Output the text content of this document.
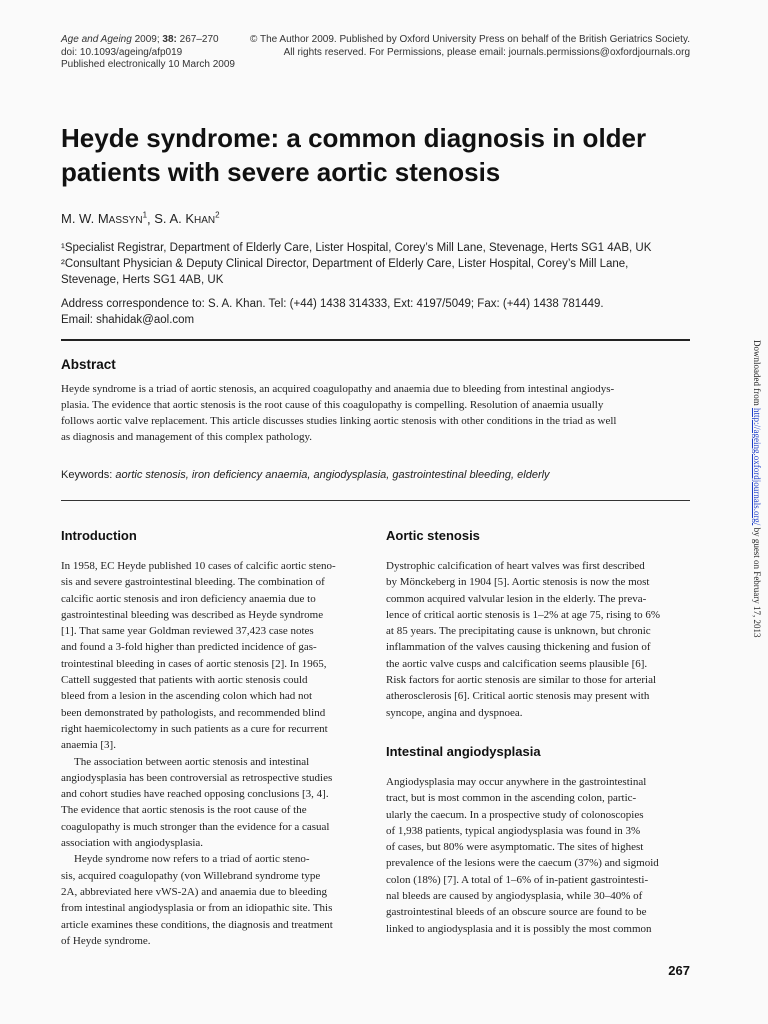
Age and Ageing 2009; 38: 267–270
doi: 10.1093/ageing/afp019
Published electronically 10 March 2009
© The Author 2009. Published by Oxford University Press on behalf of the British Geriatrics Society.
All rights reserved. For Permissions, please email: journals.permissions@oxfordjournals.org
Heyde syndrome: a common diagnosis in older patients with severe aortic stenosis
M. W. MASSYN$^1$, S. A. KHAN$^2$
¹Specialist Registrar, Department of Elderly Care, Lister Hospital, Corey’s Mill Lane, Stevenage, Herts SG1 4AB, UK
²Consultant Physician & Deputy Clinical Director, Department of Elderly Care, Lister Hospital, Corey’s Mill Lane,
Stevenage, Herts SG1 4AB, UK
Address correspondence to: S. A. Khan. Tel: (+44) 1438 314333, Ext: 4197/5049; Fax: (+44) 1438 781449.
Email: shahidak@aol.com
Abstract
Heyde syndrome is a triad of aortic stenosis, an acquired coagulopathy and anaemia due to bleeding from intestinal angiodys-
plasia. The evidence that aortic stenosis is the root cause of this coagulopathy is compelling. Resolution of anaemia usually
follows aortic valve replacement. This article discusses studies linking aortic stenosis with other conditions in the triad as well
as diagnosis and management of this complex pathology.
Keywords: aortic stenosis, iron deficiency anaemia, angiodysplasia, gastrointestinal bleeding, elderly
Introduction
In 1958, EC Heyde published 10 cases of calcific aortic steno-
sis and severe gastrointestinal bleeding. The combination of
calcific aortic stenosis and iron deficiency anaemia due to
gastrointestinal bleeding was described as Heyde syndrome
[1]. That same year Goldman reviewed 37,423 case notes
and found a 3-fold higher than predicted incidence of gas-
trointestinal bleeding in cases of aortic stenosis [2]. In 1965,
Cattell suggested that patients with aortic stenosis could
bleed from a lesion in the ascending colon which had not
been demonstrated by pathologists, and recommended blind
right haemicolectomy in such patients as a cure for recurrent
anaemia [3].
The association between aortic stenosis and intestinal
angiodysplasia has been controversial as retrospective studies
and cohort studies have reached opposing conclusions [3, 4].
The evidence that aortic stenosis is the root cause of the
coagulopathy is much stronger than the evidence for a casual
association with angiodysplasia.
Heyde syndrome now refers to a triad of aortic steno-
sis, acquired coagulopathy (von Willebrand syndrome type
2A, abbreviated here vWS-2A) and anaemia due to bleeding
from intestinal angiodysplasia or from an idiopathic site. This
article examines these conditions, the diagnosis and treatment
of Heyde syndrome.
Aortic stenosis
Dystrophic calcification of heart valves was first described
by Mönckeberg in 1904 [5]. Aortic stenosis is now the most
common acquired valvular lesion in the elderly. The preva-
lence of critical aortic stenosis is 1–2% at age 75, rising to 6%
at 85 years. The precipitating cause is unknown, but chronic
inflammation of the valves causing thickening and fusion of
the aortic valve cusps and calcification seems plausible [6].
Risk factors for aortic stenosis are similar to those for arterial
atherosclerosis [6]. Critical aortic stenosis may present with
syncope, angina and dyspnoea.
Intestinal angiodysplasia
Angiodysplasia may occur anywhere in the gastrointestinal
tract, but is most common in the ascending colon, partic-
ularly the caecum. In a prospective study of colonoscopies
of 1,938 patients, typical angiodysplasia was found in 3%
of cases, but 80% were asymptomatic. The sites of highest
prevalence of the lesions were the caecum (37%) and sigmoid
colon (18%) [7]. A total of 1–6% of in-patient gastrointesti-
nal bleeds are caused by angiodysplasia, while 30–40% of
gastrointestinal bleeds of an obscure source are found to be
linked to angiodysplasia and it is possibly the most common
267
Downloaded from http://ageing.oxfordjournals.org/ by guest on February 17, 2013
